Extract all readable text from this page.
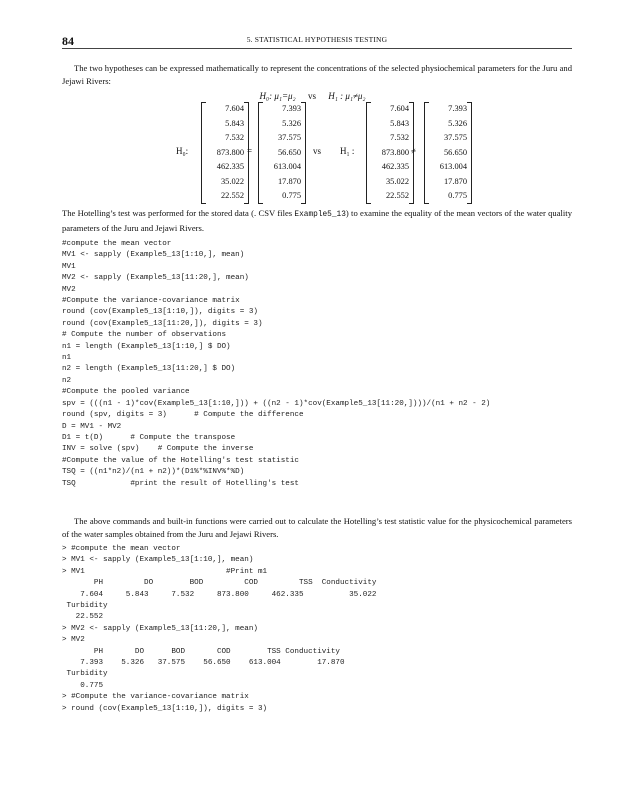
84	5. STATISTICAL HYPOTHESIS TESTING
The two hypotheses can be expressed mathematically to represent the concentrations of the selected physiochemical parameters for the Juru and Jejawi Rivers:
H₀: μ₁=μ₂ vs H₁ : μ₁≠μ₂
H₀:
7.604
5.843
7.532
873.800
462.335
35.022
22.552
=
7.393
5.326
37.575
56.650
613.004
17.870
0.775
vs H₁ :
7.604
5.843
7.532
873.800
462.335
35.022
22.552
≠
7.393
5.326
37.575
56.650
613.004
17.870
0.775
The Hotelling’s test was performed for the stored data (. CSV files Example5_13) to examine the equality of the mean vectors of the water quality parameters of the Juru and Jejawi Rivers.
#compute the mean vector
MV1 <- sapply (Example5_13[1:10,], mean)
MV1
MV2 <- sapply (Example5_13[11:20,], mean)
MV2
#Compute the variance-covariance matrix
round (cov(Example5_13[1:10,]), digits = 3)
round (cov(Example5_13[11:20,]), digits = 3)
# Compute the number of observations
n1 = length (Example5_13[1:10,] $ DO)
n1
n2 = length (Example5_13[11:20,] $ DO)
n2
#Compute the pooled variance
spv = (((n1 - 1)*cov(Example5_13[1:10,])) + ((n2 - 1)*cov(Example5_13[11:20,])))/(n1 + n2 - 2)
round (spv, digits = 3)      # Compute the difference
D = MV1 - MV2
D1 = t(D)      # Compute the transpose
INV = solve (spv)    # Compute the inverse
#Compute the value of the Hotelling's test statistic
TSQ = ((n1*n2)/(n1 + n2))*(D1%*%INV%*%D)
TSQ            #print the result of Hotelling's test
The above commands and built-in functions were carried out to calculate the Hotelling’s test statistic value for the physicochemical parameters of the water samples obtained from the Juru and Jejawi Rivers.
> #compute the mean vector
> MV1 <- sapply (Example5_13[1:10,], mean)
> MV1                               #Print m1
PH         DO        BOD         COD         TSS  Conductivity
7.604     5.843     7.532     873.800     462.335          35.022
Turbidity
22.552
> MV2 <- sapply (Example5_13[11:20,], mean)
> MV2
PH       DO      BOD       COD        TSS Conductivity
7.393    5.326   37.575    56.650    613.004        17.870
Turbidity
0.775
> #Compute the variance-covariance matrix
> round (cov(Example5_13[1:10,]), digits = 3)
